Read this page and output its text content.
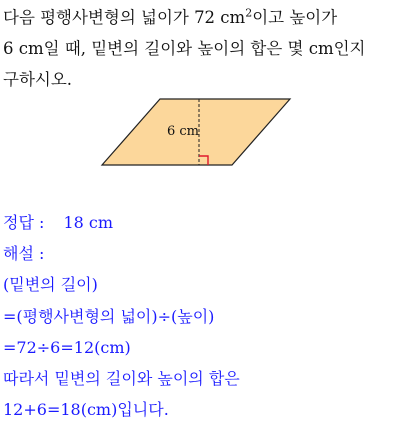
다음 평행사변형의 넓이가 72 $cm^2$이고 높이가
6 cm일 때, 밑변의 길이와 높이의 합은 몇 cm인지
구하시오.
6 cm
정답 : 18 cm
해설 :
(밑변의 길이)
=(평행사변형의 넓이)÷(높이)
=72÷6=12(cm)
따라서 밑변의 길이와 높이의 합은
12+6=18(cm)입니다.
